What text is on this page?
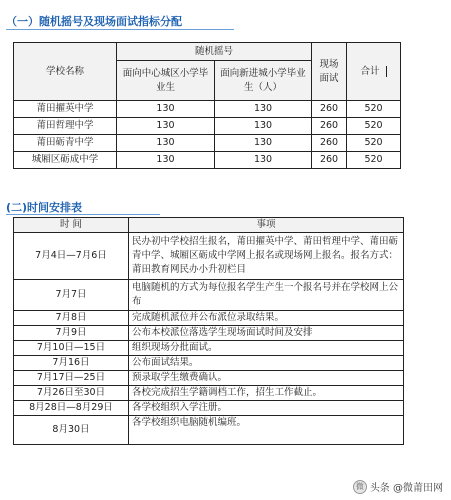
（一）随机摇号及现场面试指标分配
学校名称	随机摇号		现场面试	合计
	面向中心城区小学毕业生	面向新进城小学毕业生（人）		
莆田擢英中学	130	130	260	520
莆田哲理中学	130	130	260	520
莆田砺青中学	130	130	260	520
城厢区砺成中学	130	130	260	520
(二)时间安排表
时 间	事项
7月4日—7月6日	民办初中学校招生报名，莆田擢英中学、莆田哲理中学、莆田砺青中学、城厢区砺成中学网上报名或现场网上报名。报名方式：莆田教育网民办小升初栏目
7月7日	电脑随机的方式为每位报名学生产生一个报名号并在学校网上公布
7月8日	完成随机派位并公布派位录取结果。
7月9日	公布本校派位落选学生现场面试时间及安排
7月10日—15日	组织现场分批面试。
7月16日	公布面试结果。
7月17日—25日	预录取学生缴费确认。
7月26日至30日	各校完成招生学籍调档工作，招生工作截止。
8月28日—8月29日	各学校组织入学注册。
8月30日	各学校组织电脑随机编班。
微 头条 @微莆田网
